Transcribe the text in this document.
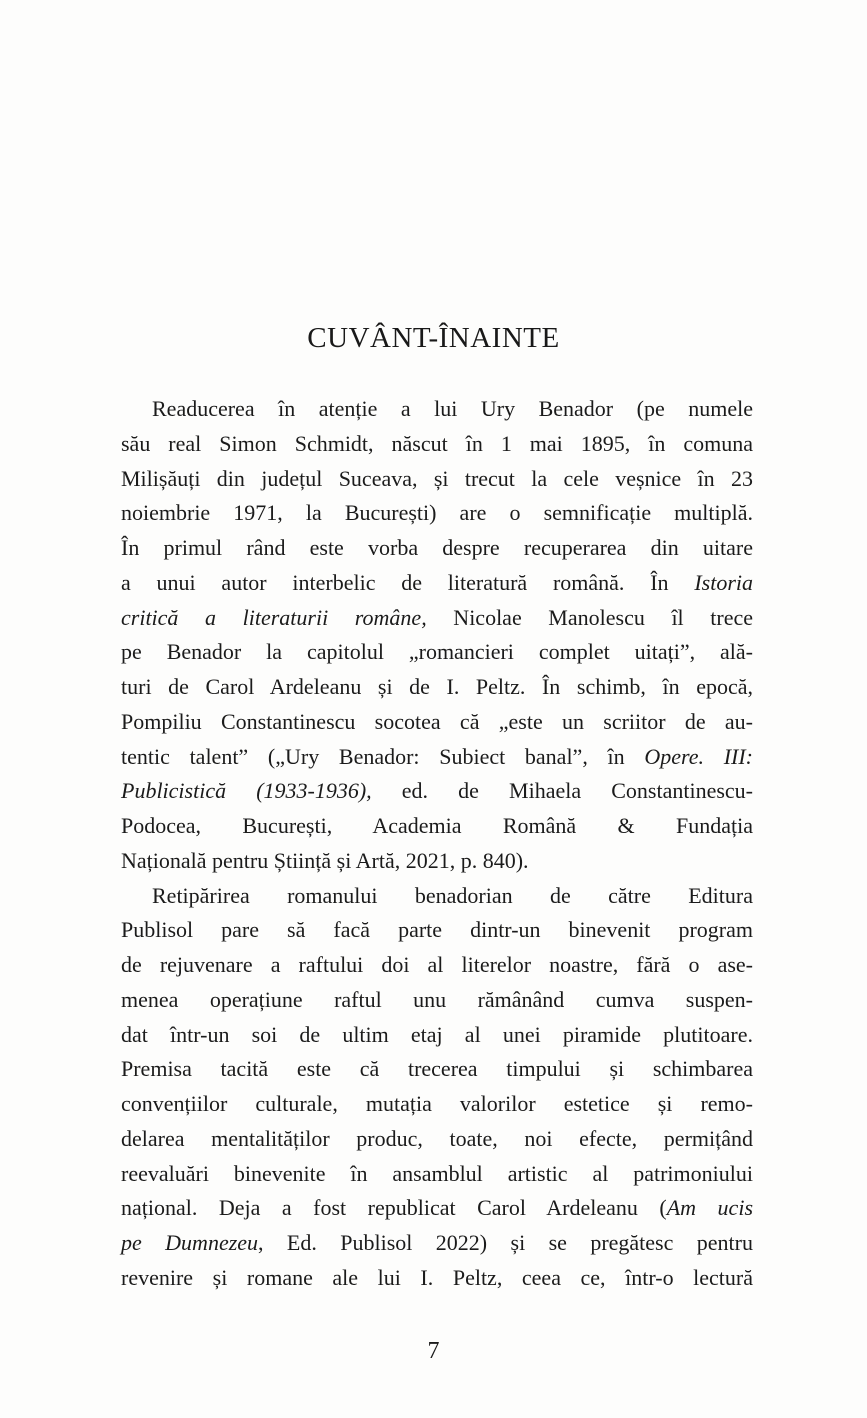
CUVÂNT-ÎNAINTE
Readucerea în atenție a lui Ury Benador (pe numele
său real Simon Schmidt, născut în 1 mai 1895, în comuna
Milișăuți din județul Suceava, și trecut la cele veșnice în 23
noiembrie 1971, la București) are o semnificație multiplă.
În primul rând este vorba despre recuperarea din uitare
a unui autor interbelic de literatură română. În Istoria
critică a literaturii române, Nicolae Manolescu îl trece
pe Benador la capitolul „romancieri complet uitați”, ală-
turi de Carol Ardeleanu și de I. Peltz. În schimb, în epocă,
Pompiliu Constantinescu socotea că „este un scriitor de au-
tentic talent” („Ury Benador: Subiect banal”, în Opere. III:
Publicistică (1933-1936), ed. de Mihaela Constantinescu-
Podocea, București, Academia Română & Fundația
Națională pentru Știință și Artă, 2021, p. 840).
Retipărirea romanului benadorian de către Editura
Publisol pare să facă parte dintr-un binevenit program
de rejuvenare a raftului doi al literelor noastre, fără o ase-
menea operațiune raftul unu rămânând cumva suspen-
dat într-un soi de ultim etaj al unei piramide plutitoare.
Premisa tacită este că trecerea timpului și schimbarea
convențiilor culturale, mutația valorilor estetice și remo-
delarea mentalităților produc, toate, noi efecte, permițând
reevaluări binevenite în ansamblul artistic al patrimoniului
național. Deja a fost republicat Carol Ardeleanu (Am ucis
pe Dumnezeu, Ed. Publisol 2022) și se pregătesc pentru
revenire și romane ale lui I. Peltz, ceea ce, într-o lectură
7
